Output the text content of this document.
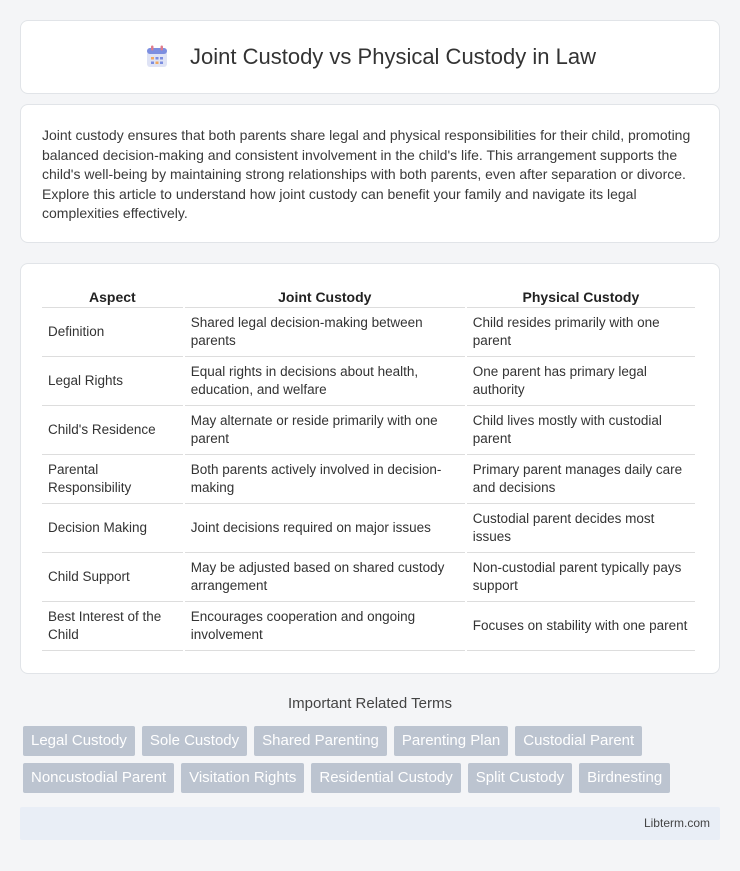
Joint Custody vs Physical Custody in Law

Joint custody ensures that both parents share legal and physical responsibilities for their child, promoting balanced decision-making and consistent involvement in the child's life. This arrangement supports the child's well-being by maintaining strong relationships with both parents, even after separation or divorce. Explore this article to understand how joint custody can benefit your family and navigate its legal complexities effectively.

Aspect	Joint Custody	Physical Custody
Definition	Shared legal decision-making between parents	Child resides primarily with one parent
Legal Rights	Equal rights in decisions about health, education, and welfare	One parent has primary legal authority
Child's Residence	May alternate or reside primarily with one parent	Child lives mostly with custodial parent
Parental Responsibility	Both parents actively involved in decision-making	Primary parent manages daily care and decisions
Decision Making	Joint decisions required on major issues	Custodial parent decides most issues
Child Support	May be adjusted based on shared custody arrangement	Non-custodial parent typically pays support
Best Interest of the Child	Encourages cooperation and ongoing involvement	Focuses on stability with one parent
Important Related Terms
Legal Custody	Sole Custody	Shared Parenting	Parenting Plan	Custodial Parent
Noncustodial Parent	Visitation Rights	Residential Custody	Split Custody	Birdnesting
Libterm.com
